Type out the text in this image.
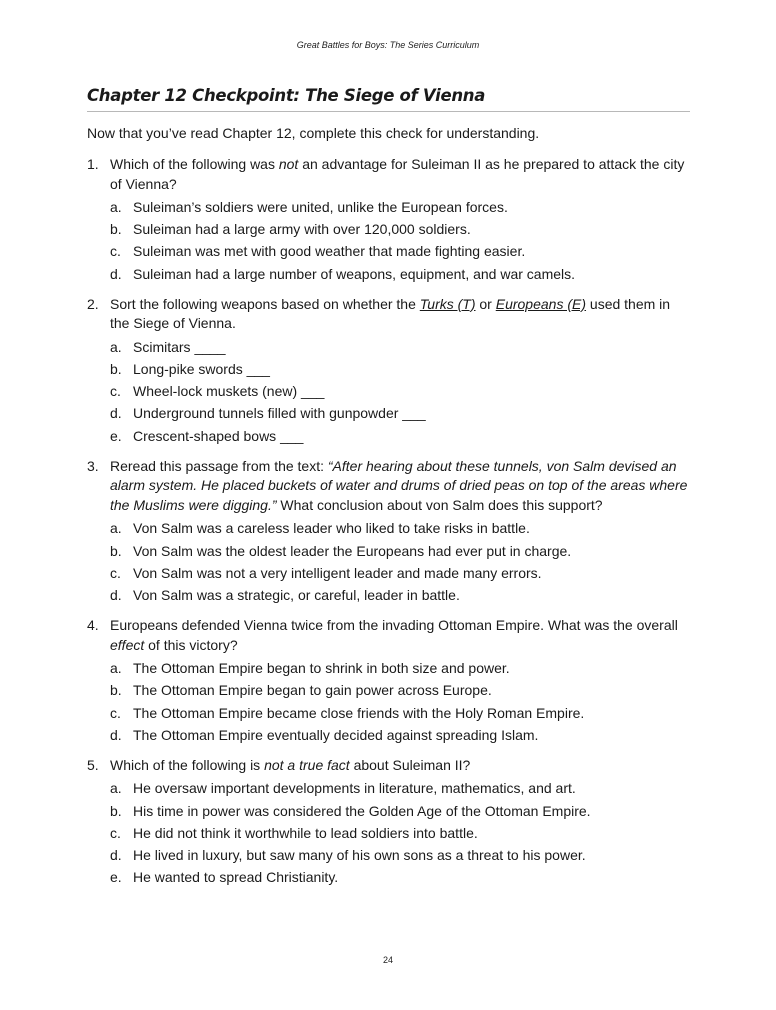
Great Battles for Boys: The Series Curriculum
Chapter 12 Checkpoint: The Siege of Vienna

Now that you’ve read Chapter 12, complete this check for understanding.

1. Which of the following was not an advantage for Suleiman II as he prepared to attack the city of Vienna?
a. Suleiman’s soldiers were united, unlike the European forces.
b. Suleiman had a large army with over 120,000 soldiers.
c. Suleiman was met with good weather that made fighting easier.
d. Suleiman had a large number of weapons, equipment, and war camels.
2. Sort the following weapons based on whether the Turks (T) or Europeans (E) used them in the Siege of Vienna.
a. Scimitars ____
b. Long-pike swords ___
c. Wheel-lock muskets (new) ___
d. Underground tunnels filled with gunpowder ___
e. Crescent-shaped bows ___
3. Reread this passage from the text: “After hearing about these tunnels, von Salm devised an alarm system. He placed buckets of water and drums of dried peas on top of the areas where the Muslims were digging.” What conclusion about von Salm does this support?
a. Von Salm was a careless leader who liked to take risks in battle.
b. Von Salm was the oldest leader the Europeans had ever put in charge.
c. Von Salm was not a very intelligent leader and made many errors.
d. Von Salm was a strategic, or careful, leader in battle.
4. Europeans defended Vienna twice from the invading Ottoman Empire. What was the overall effect of this victory?
a. The Ottoman Empire began to shrink in both size and power.
b. The Ottoman Empire began to gain power across Europe.
c. The Ottoman Empire became close friends with the Holy Roman Empire.
d. The Ottoman Empire eventually decided against spreading Islam.
5. Which of the following is not a true fact about Suleiman II?
a. He oversaw important developments in literature, mathematics, and art.
b. His time in power was considered the Golden Age of the Ottoman Empire.
c. He did not think it worthwhile to lead soldiers into battle.
d. He lived in luxury, but saw many of his own sons as a threat to his power.
e. He wanted to spread Christianity.
24
